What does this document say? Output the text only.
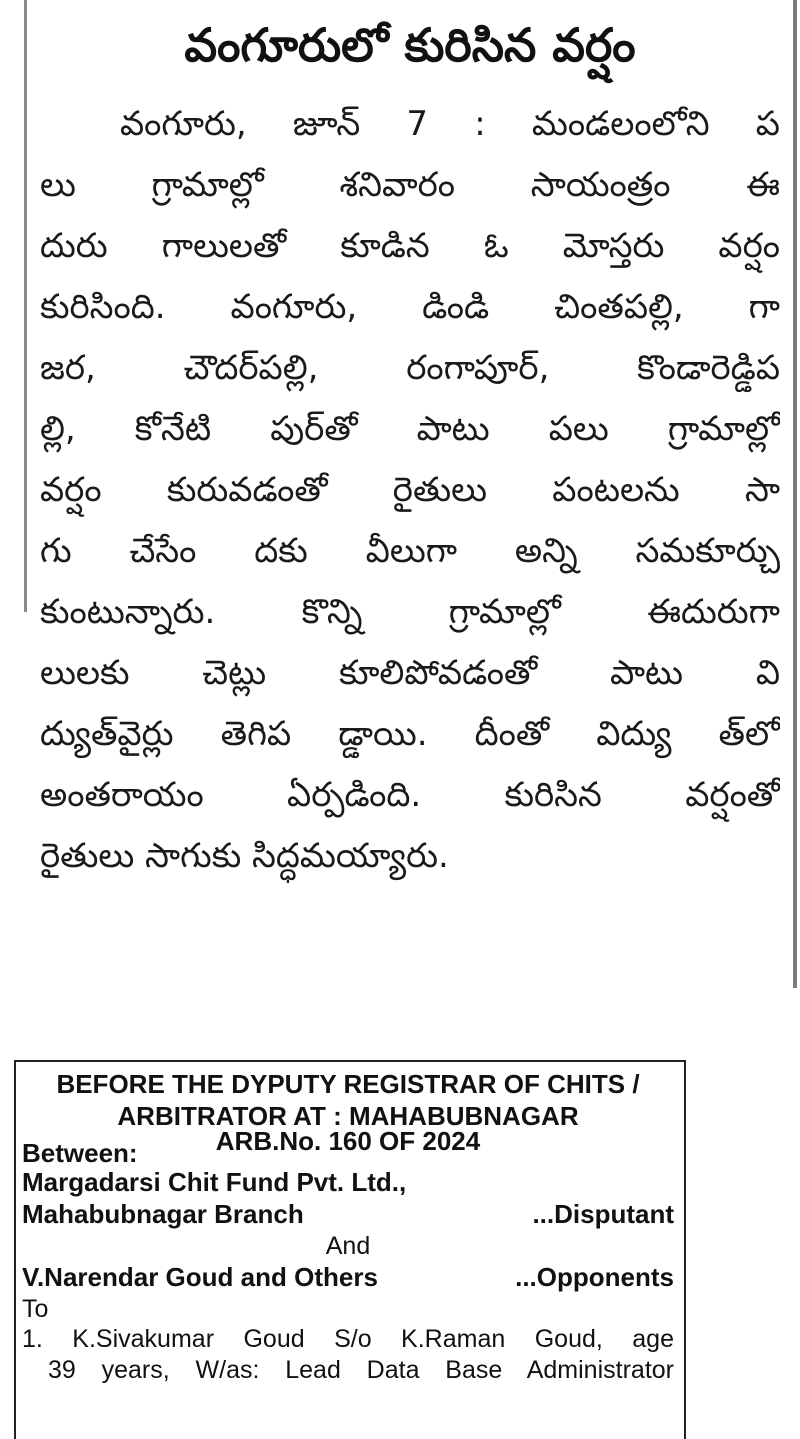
వంగూరులో కురిసిన వర్షం
వంగూరు, జూన్ 7 : మండలంలోని ప
లు గ్రామాల్లో శనివారం సాయంత్రం ఈ
దురు గాలులతో కూడిన ఓ మోస్తరు వర్షం
కురిసింది. వంగూరు, డిండి చింతపల్లి, గా
జర, చౌదర్‌పల్లి, రంగాపూర్, కొండారెడ్డిప
ల్లి, కోనేటి పుర్‌తో పాటు పలు గ్రామాల్లో
వర్షం కురువడంతో రైతులు పంటలను సా
గు చేసేం దకు వీలుగా అన్ని సమకూర్చు
కుంటున్నారు. కొన్ని గ్రామాల్లో ఈదురుగా
లులకు చెట్లు కూలిపోవడంతో పాటు వి
ద్యుత్‌వైర్లు తెగిప డ్డాయి. దీంతో విద్యు త్‌లో
అంతరాయం ఏర్పడింది. కురిసిన వర్షంతో
రైతులు సాగుకు సిద్ధమయ్యారు.
BEFORE THE DYPUTY REGISTRAR OF CHITS /
ARBITRATOR AT : MAHABUBNAGAR
ARB.No. 160 OF 2024
Between:
Margadarsi Chit Fund Pvt. Ltd.,
Mahabubnagar Branch	...Disputant
And
V.Narendar Goud and Others	...Opponents
To
1. K.Sivakumar Goud S/o K.Raman Goud, age
39 years, W/as: Lead Data Base Administrator
